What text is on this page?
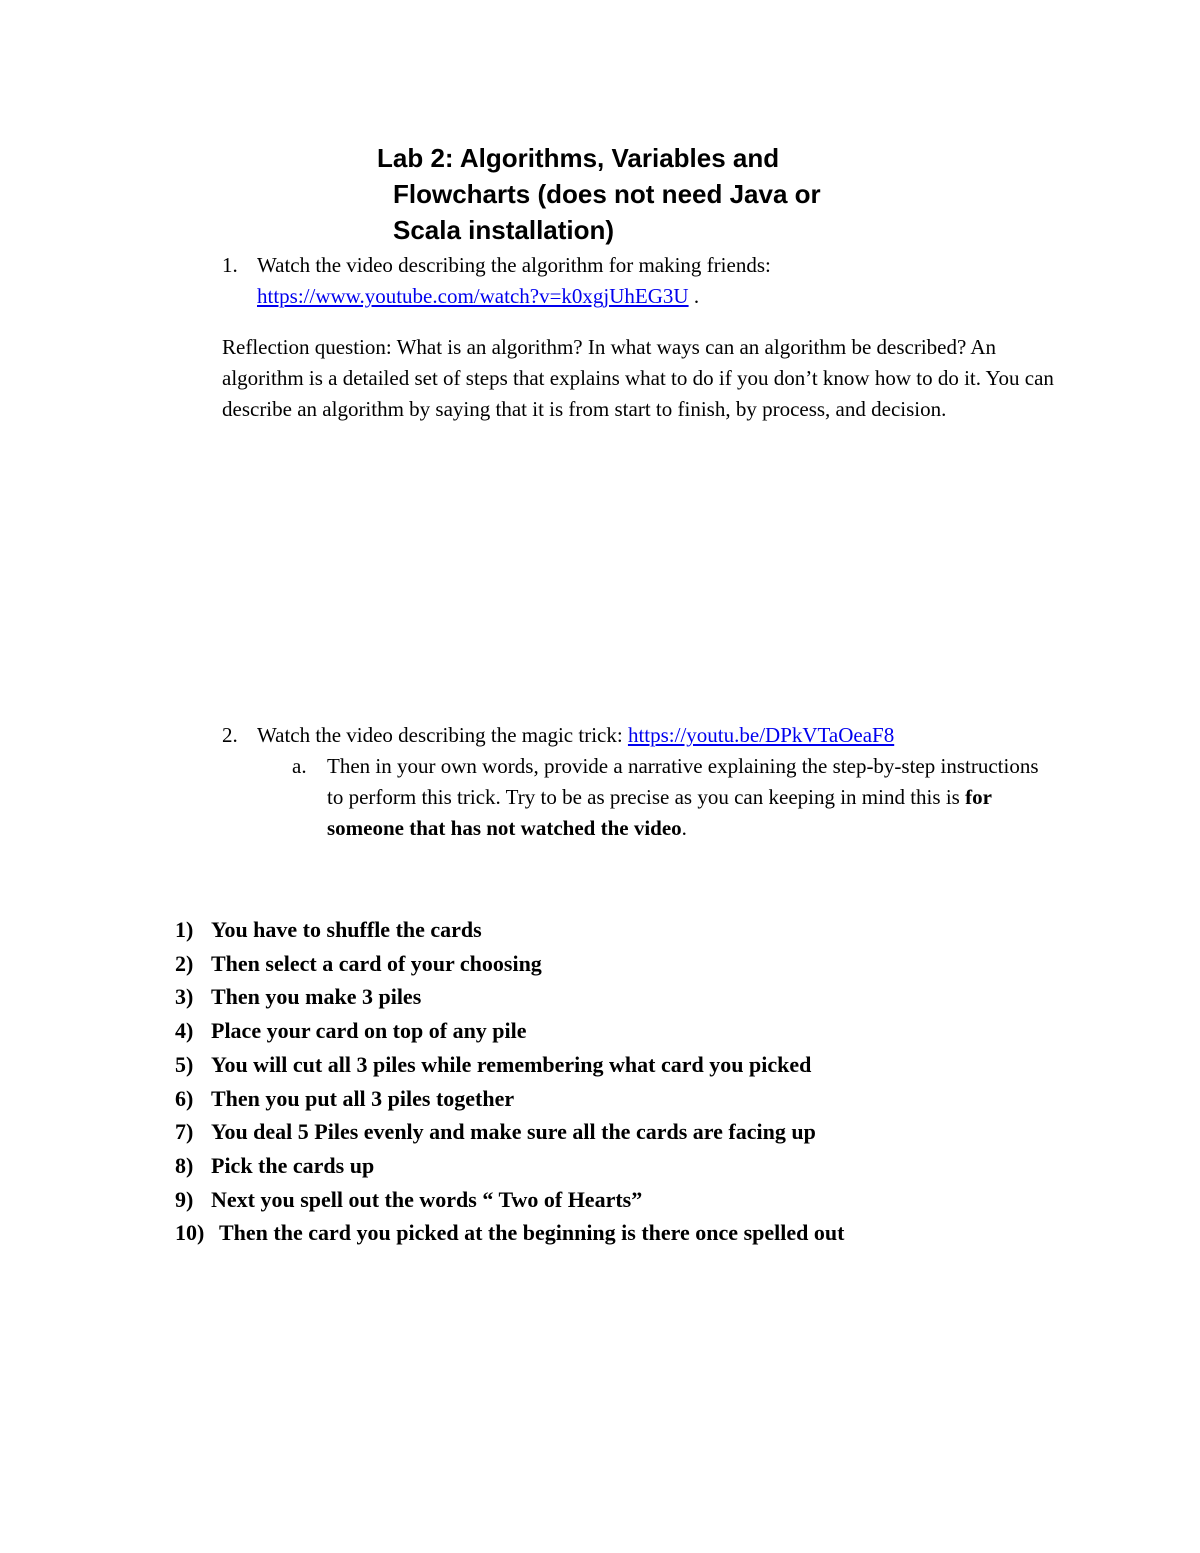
Lab 2: Algorithms, Variables and
Flowcharts (does not need Java or
Scala installation)
1. Watch the video describing the algorithm for making friends:
https://www.youtube.com/watch?v=k0xgjUhEG3U .
Reflection question: What is an algorithm? In what ways can an algorithm be described? An algorithm is a detailed set of steps that explains what to do if you don’t know how to do it. You can describe an algorithm by saying that it is from start to finish, by process, and decision.
2. Watch the video describing the magic trick: https://youtu.be/DPkVTaOeaF8
a. Then in your own words, provide a narrative explaining the step-by-step instructions to perform this trick. Try to be as precise as you can keeping in mind this is for someone that has not watched the video.
1) You have to shuffle the cards
2) Then select a card of your choosing
3) Then you make 3 piles
4) Place your card on top of any pile
5) You will cut all 3 piles while remembering what card you picked
6) Then you put all 3 piles together
7) You deal 5 Piles evenly and make sure all the cards are facing up
8) Pick the cards up
9) Next you spell out the words “ Two of Hearts”
10) Then the card you picked at the beginning is there once spelled out
